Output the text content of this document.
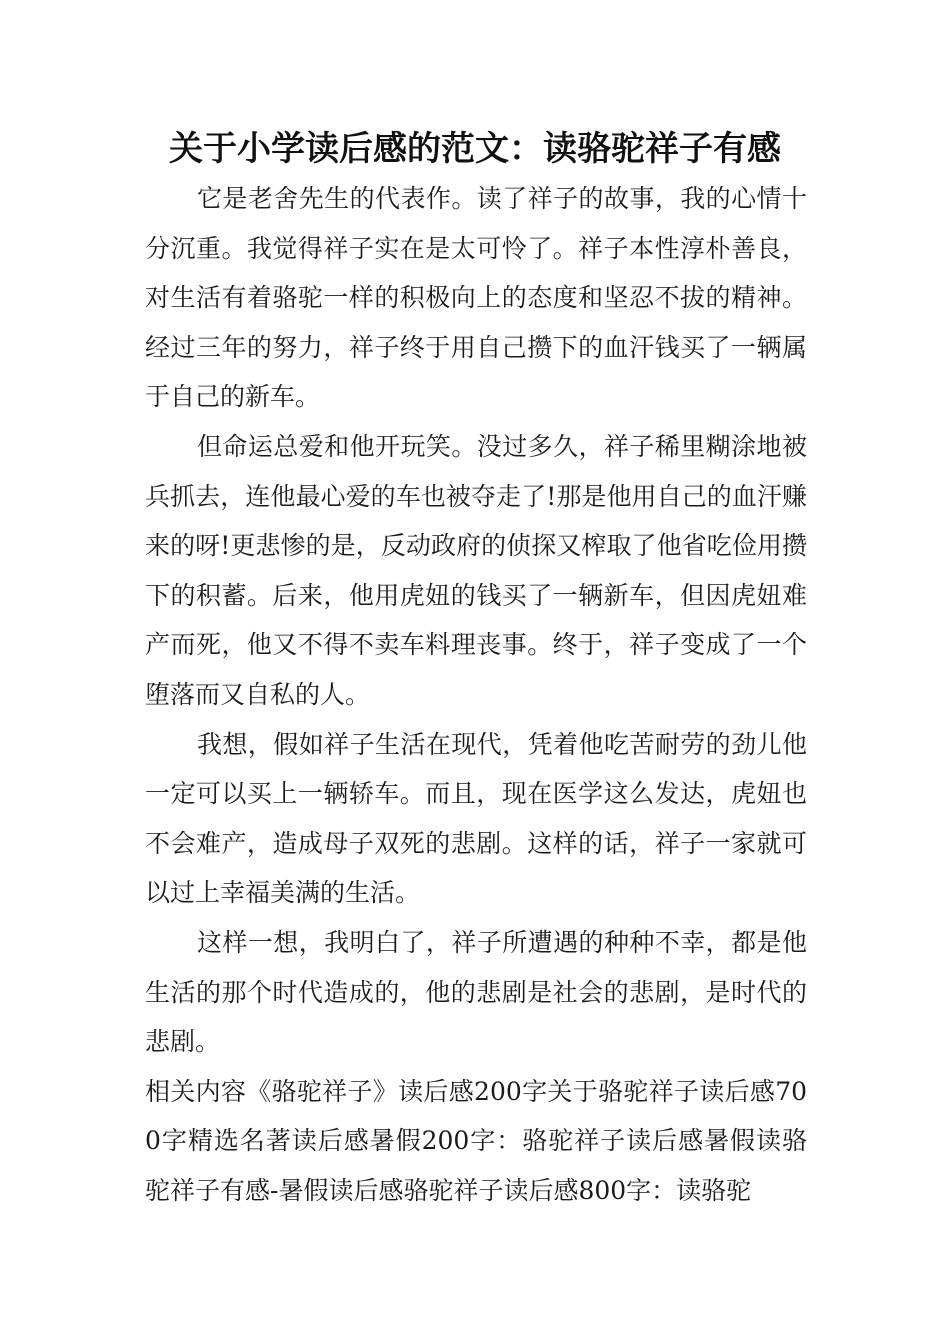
关于小学读后感的范文：读骆驼祥子有感

它是老舍先生的代表作。读了祥子的故事，我的心情十分沉重。我觉得祥子实在是太可怜了。祥子本性淳朴善良，对生活有着骆驼一样的积极向上的态度和坚忍不拔的精神。经过三年的努力，祥子终于用自己攒下的血汗钱买了一辆属于自己的新车。

但命运总爱和他开玩笑。没过多久，祥子稀里糊涂地被兵抓去，连他最心爱的车也被夺走了!那是他用自己的血汗赚来的呀!更悲惨的是，反动政府的侦探又榨取了他省吃俭用攒下的积蓄。后来，他用虎妞的钱买了一辆新车，但因虎妞难产而死，他又不得不卖车料理丧事。终于，祥子变成了一个堕落而又自私的人。

我想，假如祥子生活在现代，凭着他吃苦耐劳的劲儿他一定可以买上一辆轿车。而且，现在医学这么发达，虎妞也不会难产，造成母子双死的悲剧。这样的话，祥子一家就可以过上幸福美满的生活。

这样一想，我明白了，祥子所遭遇的种种不幸，都是他生活的那个时代造成的，他的悲剧是社会的悲剧，是时代的悲剧。

相关内容《骆驼祥子》读后感200字关于骆驼祥子读后感700字精选名著读后感暑假200字：骆驼祥子读后感暑假读骆驼祥子有感-暑假读后感骆驼祥子读后感800字：读骆驼
